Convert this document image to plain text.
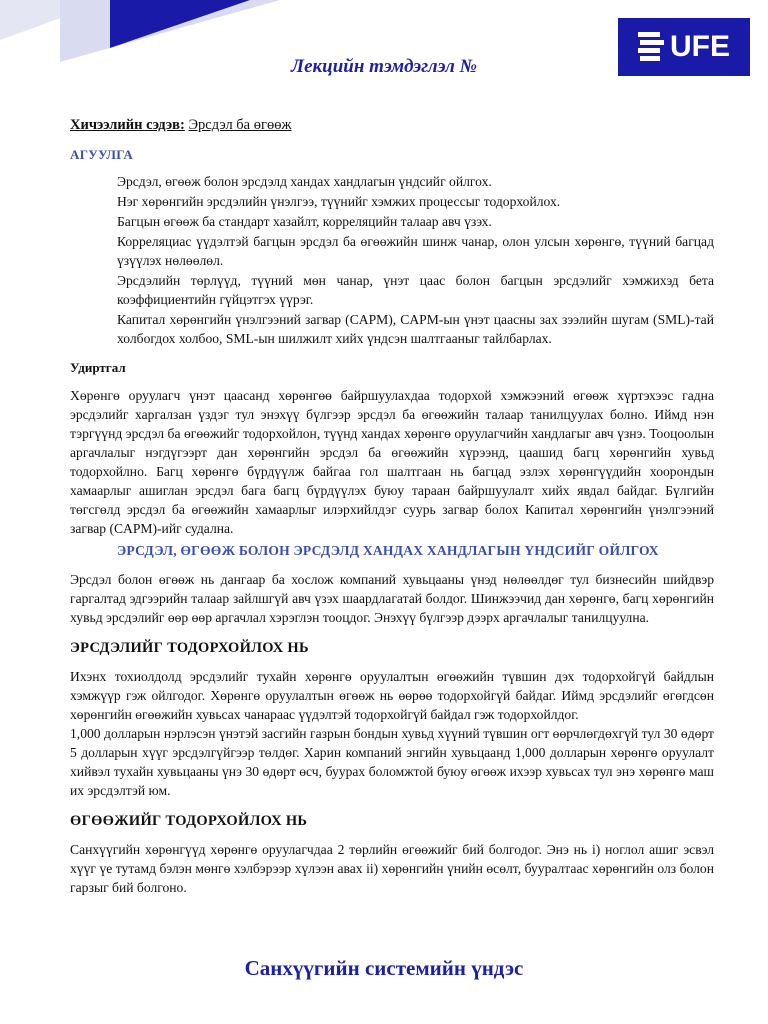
UFE
Лекцийн тэмдэглэл №

Хичээлийн сэдэв: Эрсдэл ба өгөөж

АГУУЛГА
Эрсдэл, өгөөж болон эрсдэлд хандах хандлагын үндсийг ойлгох.
Нэг хөрөнгийн эрсдэлийн үнэлгээ, түүнийг хэмжих процессыг тодорхойлох.
Багцын өгөөж ба стандарт хазайлт, корреляцийн талаар авч үзэх.
Корреляциас үүдэлтэй багцын эрсдэл ба өгөөжийн шинж чанар, олон улсын хөрөнгө, түүний багцад үзүүлэх нөлөөлөл.
Эрсдэлийн төрлүүд, түүний мөн чанар, үнэт цаас болон багцын эрсдэлийг хэмжихэд бета коэффициентийн гүйцэтгэх үүрэг.
Капитал хөрөнгийн үнэлгээний загвар (CAPM), CAPM-ын үнэт цаасны зах зээлийн шугам (SML)-тай холбогдох холбоо, SML-ын шилжилт хийх үндсэн шалтгааныг тайлбарлах.
Удиртгал

Хөрөнгө оруулагч үнэт цаасанд хөрөнгөө байршуулахдаа тодорхой хэмжээний өгөөж хүртэхээс гадна эрсдэлийг харгалзан үздэг тул энэхүү бүлгээр эрсдэл ба өгөөжийн талаар танилцуулах болно. Иймд нэн тэргүүнд эрсдэл ба өгөөжийг тодорхойлон, түүнд хандах хөрөнгө оруулагчийн хандлагыг авч үзнэ. Тооцоолын аргачлалыг нэгдүгээрт дан хөрөнгийн эрсдэл ба өгөөжийн хүрээнд, цаашид багц хөрөнгийн хувьд тодорхойлно. Багц хөрөнгө бүрдүүлж байгаа гол шалтгаан нь багцад эзлэх хөрөнгүүдийн хоорондын хамаарлыг ашиглан эрсдэл бага багц бүрдүүлэх буюу тараан байршуулалт хийх явдал байдаг. Бүлгийн төгсгөлд эрсдэл ба өгөөжийн хамаарлыг илэрхийлдэг суурь загвар болох Капитал хөрөнгийн үнэлгээний загвар (CAPM)-ийг судална.

ЭРСДЭЛ, ӨГӨӨЖ БОЛОН ЭРСДЭЛД ХАНДАХ ХАНДЛАГЫН ҮНДСИЙГ ОЙЛГОХ

Эрсдэл болон өгөөж нь дангаар ба хослож компаний хувьцааны үнэд нөлөөлдөг тул бизнесийн шийдвэр гаргалтад эдгээрийн талаар зайлшгүй авч үзэх шаардлагатай болдог. Шинжээчид дан хөрөнгө, багц хөрөнгийн хувьд эрсдэлийг өөр өөр аргачлал хэрэглэн тооцдог. Энэхүү бүлгээр дээрх аргачлалыг танилцуулна.

ЭРСДЭЛИЙГ ТОДОРХОЙЛОХ НЬ

Ихэнх тохиолдолд эрсдэлийг тухайн хөрөнгө оруулалтын өгөөжийн түвшин дэх тодорхойгүй байдлын хэмжүүр гэж ойлгодог. Хөрөнгө оруулалтын өгөөж нь өөрөө тодорхойгүй байдаг. Иймд эрсдэлийг өгөгдсөн хөрөнгийн өгөөжийн хувьсах чанараас үүдэлтэй тодорхойгүй байдал гэж тодорхойлдог.

1,000 долларын нэрлэсэн үнэтэй засгийн газрын бондын хувьд хүүний түвшин огт өөрчлөгдөхгүй тул 30 өдөрт 5 долларын хүүг эрсдэлгүйгээр төлдөг. Харин компаний энгийн хувьцаанд 1,000 долларын хөрөнгө оруулалт хийвэл тухайн хувьцааны үнэ 30 өдөрт өсч, буурах боломжтой буюу өгөөж ихээр хувьсах тул энэ хөрөнгө маш их эрсдэлтэй юм.

ӨГӨӨЖИЙГ ТОДОРХОЙЛОХ НЬ

Санхүүгийн хөрөнгүүд хөрөнгө оруулагчдаа 2 төрлийн өгөөжийг бий болгодог. Энэ нь i) ноглол ашиг эсвэл хүүг үе тутамд бэлэн мөнгө хэлбэрээр хүлээн авах ii) хөрөнгийн үнийн өсөлт, бууралтаас хөрөнгийн олз болон гарзыг бий болгоно.

Санхүүгийн системийн үндэс
